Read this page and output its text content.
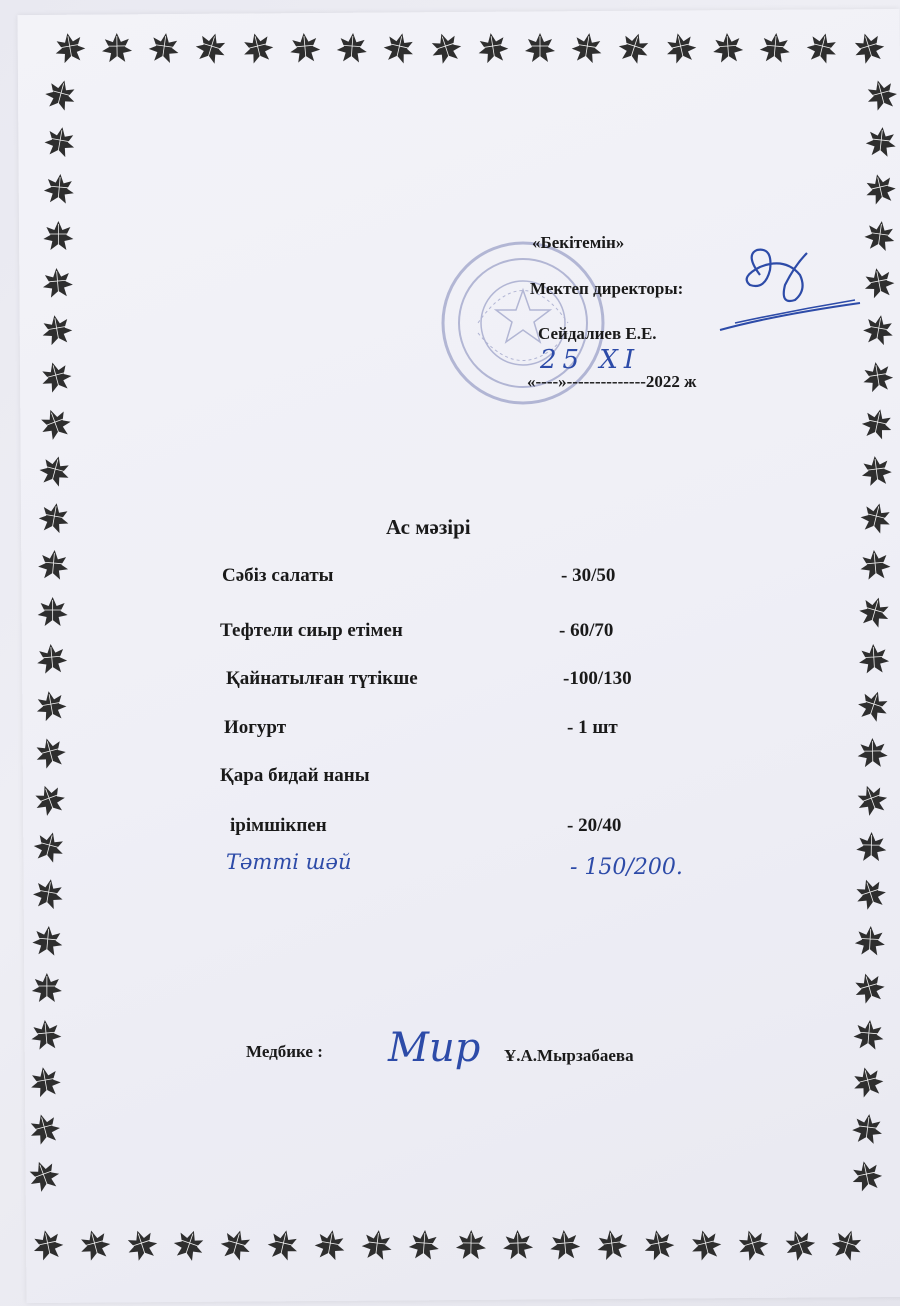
«Бекітемін»
Мектеп директоры:
Сейдалиев Е.Е.
25 XI
«----»--------------2022 ж
Ас мәзірі
Сәбіз салаты	- 30/50
Тефтели сиыр етімен	- 60/70
Қайнатылған түтікше	-100/130
Иогурт	- 1 шт
Қара бидай наны
ірімшікпен	- 20/40
Тәтті шәй	- 150/200.
Медбике : Мир Ұ.А.Мырзабаева
